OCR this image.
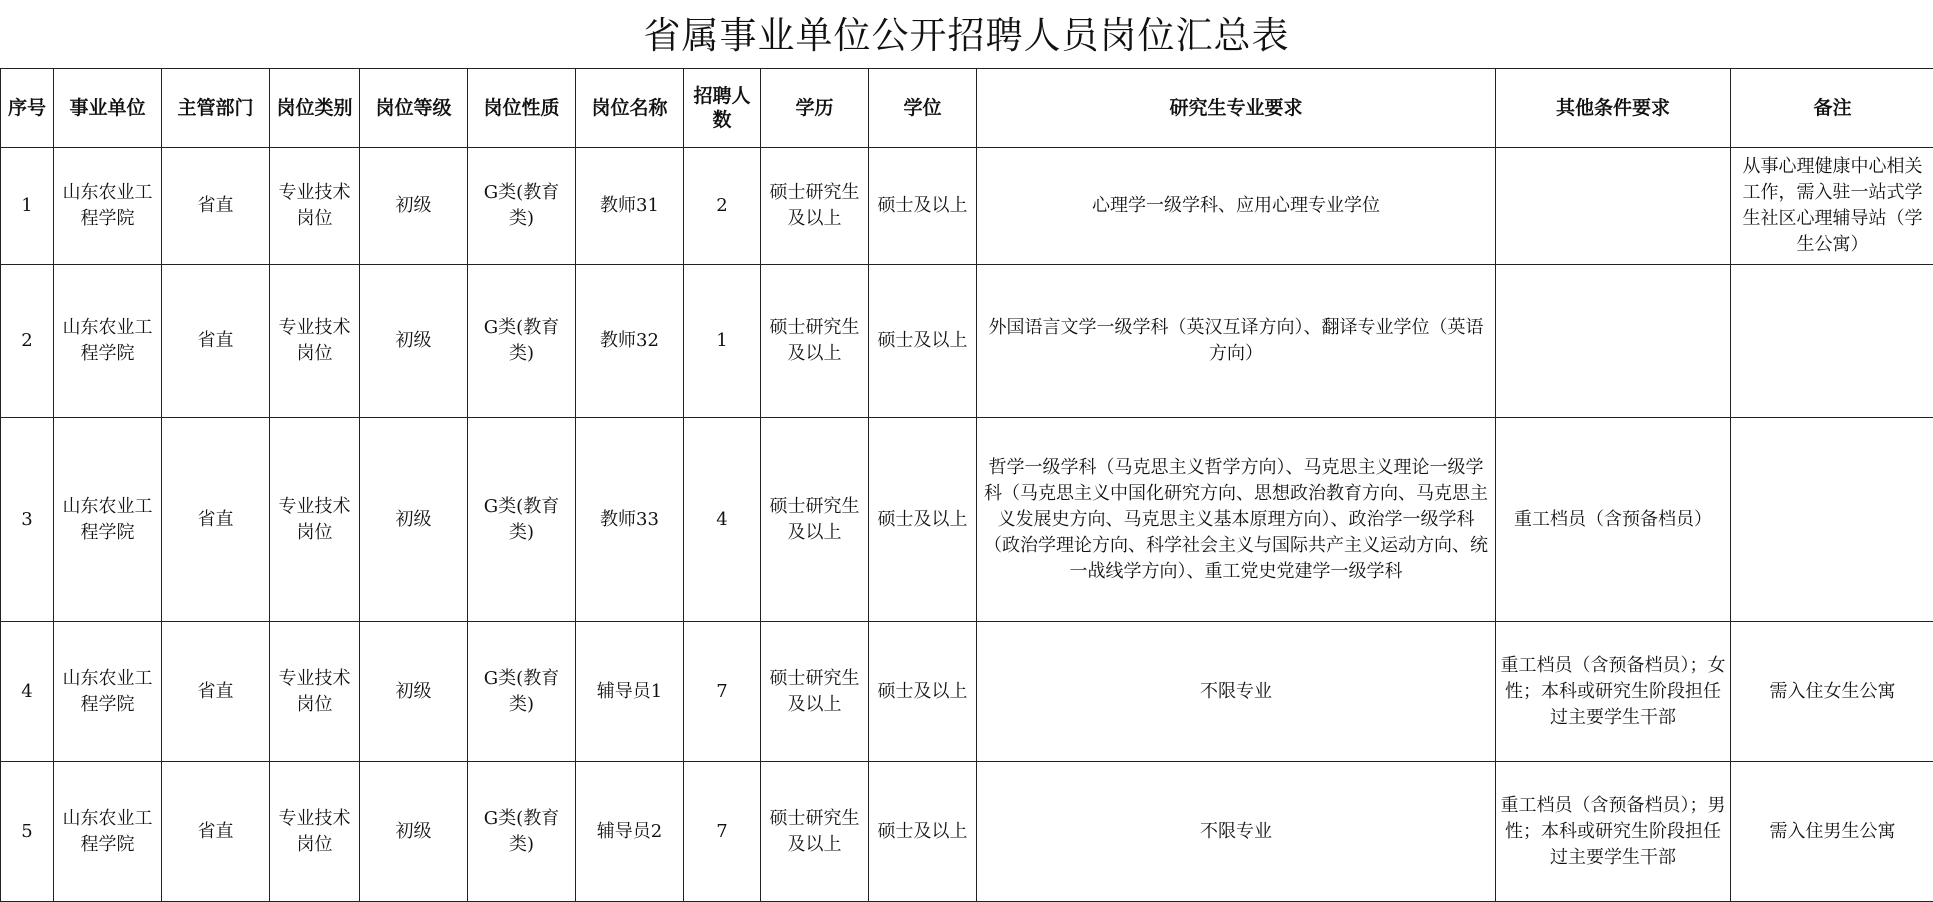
省属事业单位公开招聘人员岗位汇总表
序号	事业单位	主管部门	岗位类别	岗位等级	岗位性质	岗位名称	招聘人数	学历	学位	研究生专业要求	其他条件要求	备注
1	山东农业工程学院	省直	专业技术岗位	初级	G类(教育类)	教师31	2	硕士研究生及以上	硕士及以上	心理学一级学科、应用心理专业学位		从事心理健康中心相关工作，需入驻一站式学生社区心理辅导站（学生公寓）
2	山东农业工程学院	省直	专业技术岗位	初级	G类(教育类)	教师32	1	硕士研究生及以上	硕士及以上	外国语言文学一级学科（英汉互译方向）、翻译专业学位（英语方向）		
3	山东农业工程学院	省直	专业技术岗位	初级	G类(教育类)	教师33	4	硕士研究生及以上	硕士及以上	哲学一级学科（马克思主义哲学方向）、马克思主义理论一级学科（马克思主义中国化研究方向、思想政治教育方向、马克思主义发展史方向、马克思主义基本原理方向）、政治学一级学科（政治学理论方向、科学社会主义与国际共产主义运动方向、统一战线学方向）、重工党史党建学一级学科	重工档员（含预备档员）	
4	山东农业工程学院	省直	专业技术岗位	初级	G类(教育类)	辅导员1	7	硕士研究生及以上	硕士及以上	不限专业	重工档员（含预备档员）；女性；本科或研究生阶段担任过主要学生干部	需入住女生公寓
5	山东农业工程学院	省直	专业技术岗位	初级	G类(教育类)	辅导员2	7	硕士研究生及以上	硕士及以上	不限专业	重工档员（含预备档员）；男性；本科或研究生阶段担任过主要学生干部	需入住男生公寓
